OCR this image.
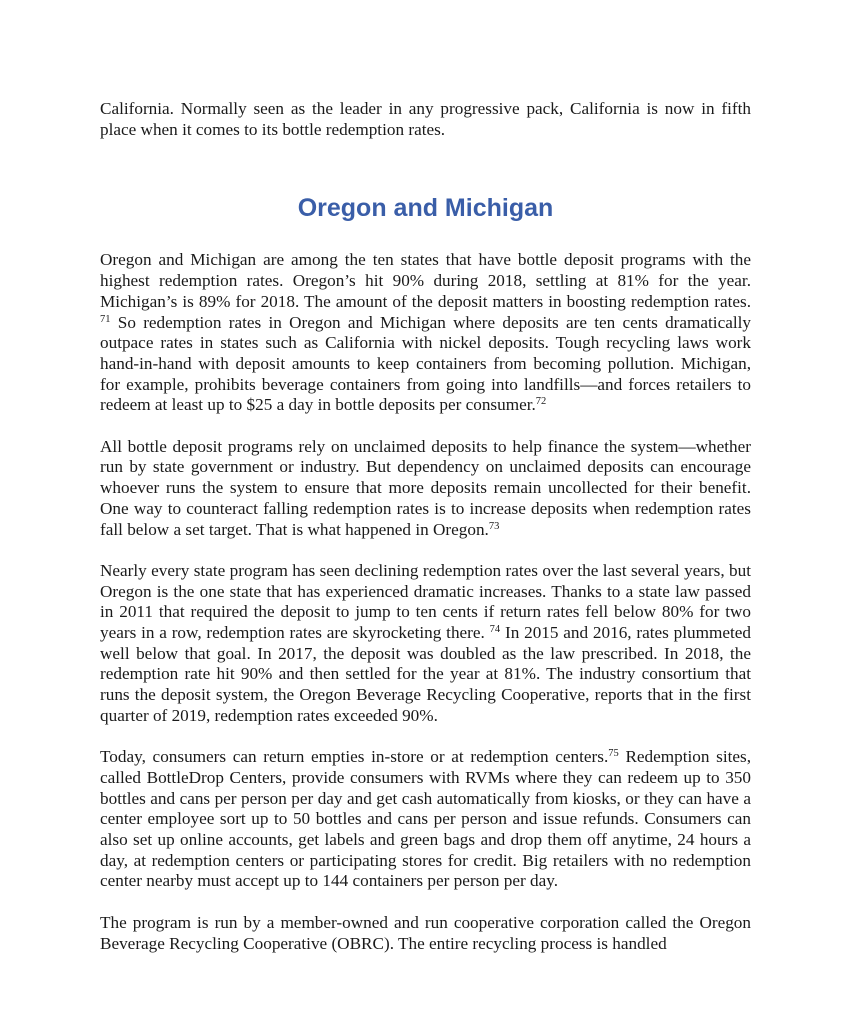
California. Normally seen as the leader in any progressive pack, California is now in fifth place when it comes to its bottle redemption rates.

Oregon and Michigan

Oregon and Michigan are among the ten states that have bottle deposit programs with the highest redemption rates. Oregon’s hit 90% during 2018, settling at 81% for the year. Michigan’s is 89% for 2018. The amount of the deposit matters in boosting redemption rates. $^{71}$ So redemption rates in Oregon and Michigan where deposits are ten cents dramatically outpace rates in states such as California with nickel deposits. Tough recycling laws work hand-in-hand with deposit amounts to keep containers from becoming pollution. Michigan, for example, prohibits beverage containers from going into landfills—and forces retailers to redeem at least up to $25 a day in bottle deposits per consumer.$^{72}$

All bottle deposit programs rely on unclaimed deposits to help finance the system—whether run by state government or industry. But dependency on unclaimed deposits can encourage whoever runs the system to ensure that more deposits remain uncollected for their benefit. One way to counteract falling redemption rates is to increase deposits when redemption rates fall below a set target. That is what happened in Oregon.$^{73}$

Nearly every state program has seen declining redemption rates over the last several years, but Oregon is the one state that has experienced dramatic increases. Thanks to a state law passed in 2011 that required the deposit to jump to ten cents if return rates fell below 80% for two years in a row, redemption rates are skyrocketing there. $^{74}$ In 2015 and 2016, rates plummeted well below that goal. In 2017, the deposit was doubled as the law prescribed. In 2018, the redemption rate hit 90% and then settled for the year at 81%. The industry consortium that runs the deposit system, the Oregon Beverage Recycling Cooperative, reports that in the first quarter of 2019, redemption rates exceeded 90%.

Today, consumers can return empties in-store or at redemption centers.$^{75}$ Redemption sites, called BottleDrop Centers, provide consumers with RVMs where they can redeem up to 350 bottles and cans per person per day and get cash automatically from kiosks, or they can have a center employee sort up to 50 bottles and cans per person and issue refunds. Consumers can also set up online accounts, get labels and green bags and drop them off anytime, 24 hours a day, at redemption centers or participating stores for credit. Big retailers with no redemption center nearby must accept up to 144 containers per person per day.

The program is run by a member-owned and run cooperative corporation called the Oregon Beverage Recycling Cooperative (OBRC). The entire recycling process is handled
